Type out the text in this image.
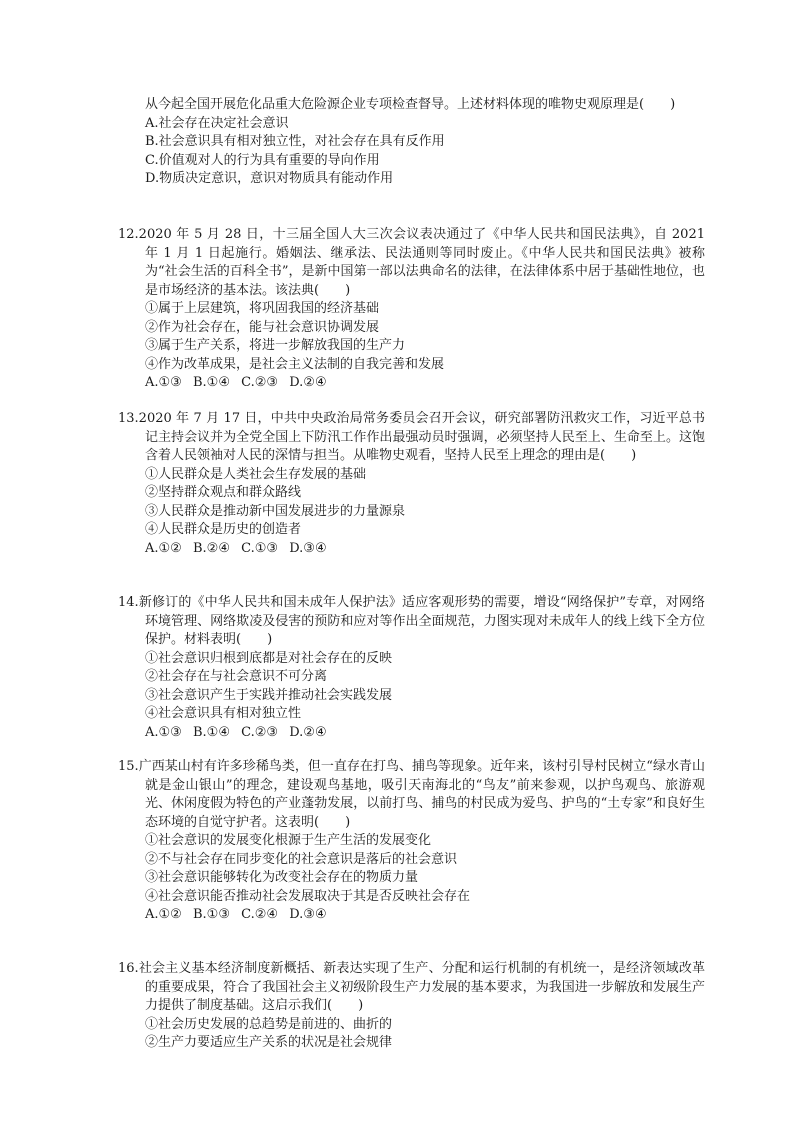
从今起全国开展危化品重大危险源企业专项检查督导。上述材料体现的唯物史观原理是(　　)

A.社会存在决定社会意识

B.社会意识具有相对独立性，对社会存在具有反作用

C.价值观对人的行为具有重要的导向作用

D.物质决定意识，意识对物质具有能动作用

12.2020 年 5 月 28 日，十三届全国人大三次会议表决通过了《中华人民共和国民法典》，自 2021 年 1 月 1 日起施行。婚姻法、继承法、民法通则等同时废止。《中华人民共和国民法典》被称为“社会生活的百科全书”，是新中国第一部以法典命名的法律，在法律体系中居于基础性地位，也是市场经济的基本法。该法典(　　)

①属于上层建筑，将巩固我国的经济基础

②作为社会存在，能与社会意识协调发展

③属于生产关系，将进一步解放我国的生产力

④作为改革成果，是社会主义法制的自我完善和发展

A.①③ B.①④ C.②③ D.②④

13.2020 年 7 月 17 日，中共中央政治局常务委员会召开会议，研究部署防汛救灾工作，习近平总书记主持会议并为全党全国上下防汛工作作出最强动员时强调，必须坚持人民至上、生命至上。这饱含着人民领袖对人民的深情与担当。从唯物史观看，坚持人民至上理念的理由是(　　)

①人民群众是人类社会生存发展的基础

②坚持群众观点和群众路线

③人民群众是推动新中国发展进步的力量源泉

④人民群众是历史的创造者

A.①② B.②④ C.①③ D.③④

14.新修订的《中华人民共和国未成年人保护法》适应客观形势的需要，增设“网络保护”专章，对网络环境管理、网络欺凌及侵害的预防和应对等作出全面规范，力图实现对未成年人的线上线下全方位保护。材料表明(　　)

①社会意识归根到底都是对社会存在的反映

②社会存在与社会意识不可分离

③社会意识产生于实践并推动社会实践发展

④社会意识具有相对独立性

A.①③ B.①④ C.②③ D.②④

15.广西某山村有许多珍稀鸟类，但一直存在打鸟、捕鸟等现象。近年来，该村引导村民树立“绿水青山就是金山银山”的理念，建设观鸟基地，吸引天南海北的“鸟友”前来参观，以护鸟观鸟、旅游观光、休闲度假为特色的产业蓬勃发展，以前打鸟、捕鸟的村民成为爱鸟、护鸟的“土专家”和良好生态环境的自觉守护者。这表明(　　)

①社会意识的发展变化根源于生产生活的发展变化

②不与社会存在同步变化的社会意识是落后的社会意识

③社会意识能够转化为改变社会存在的物质力量

④社会意识能否推动社会发展取决于其是否反映社会存在

A.①② B.①③ C.②④ D.③④

16.社会主义基本经济制度新概括、新表达实现了生产、分配和运行机制的有机统一，是经济领域改革的重要成果，符合了我国社会主义初级阶段生产力发展的基本要求，为我国进一步解放和发展生产力提供了制度基础。这启示我们(　　)

①社会历史发展的总趋势是前进的、曲折的

②生产力要适应生产关系的状况是社会规律
